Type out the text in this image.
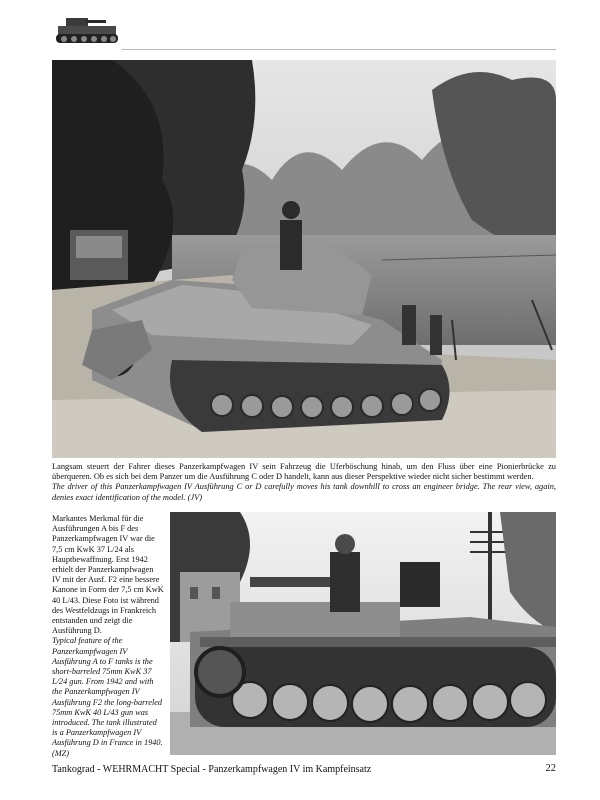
Langsam steuert der Fahrer dieses Panzerkampfwagen IV sein Fahrzeug die Uferböschung hinab, um den Fluss über eine Pionierbrücke zu überqueren. Ob es sich bei dem Panzer um die Ausführung C oder D handelt, kann aus dieser Perspektive wieder nicht sicher bestimmt werden.

The driver of this Panzerkampfwagen IV Ausführung C or D carefully moves his tank downhill to cross an engineer bridge. The rear view, again, denies exact identification of the model. (JV)

Markantes Merkmal für die Ausführungen A bis F des Panzerkampfwagen IV war die 7,5 cm KwK 37 L/24 als Hauptbewaffnung. Erst 1942 erhielt der Panzerkampfwagen IV mit der Ausf. F2 eine bessere Kanone in Form der 7,5 cm KwK 40 L/43. Diese Foto ist während des Westfeldzugs in Frankreich entstanden und zeigt die Ausführung D.

Typical feature of the Panzerkampfwagen IV Ausführung A to F tanks is the short-barreled 75mm KwK 37 L/24 gun. From 1942 and with the Panzerkampfwagen IV Ausführung F2 the long-barreled 75mm KwK 40 L/43 gun was introduced. The tank illustrated is a Panzerkampfwagen IV Ausführung D in France in 1940. (MZ)

Tankograd - WEHRMACHT Special - Panzerkampfwagen IV im Kampfeinsatz	22
